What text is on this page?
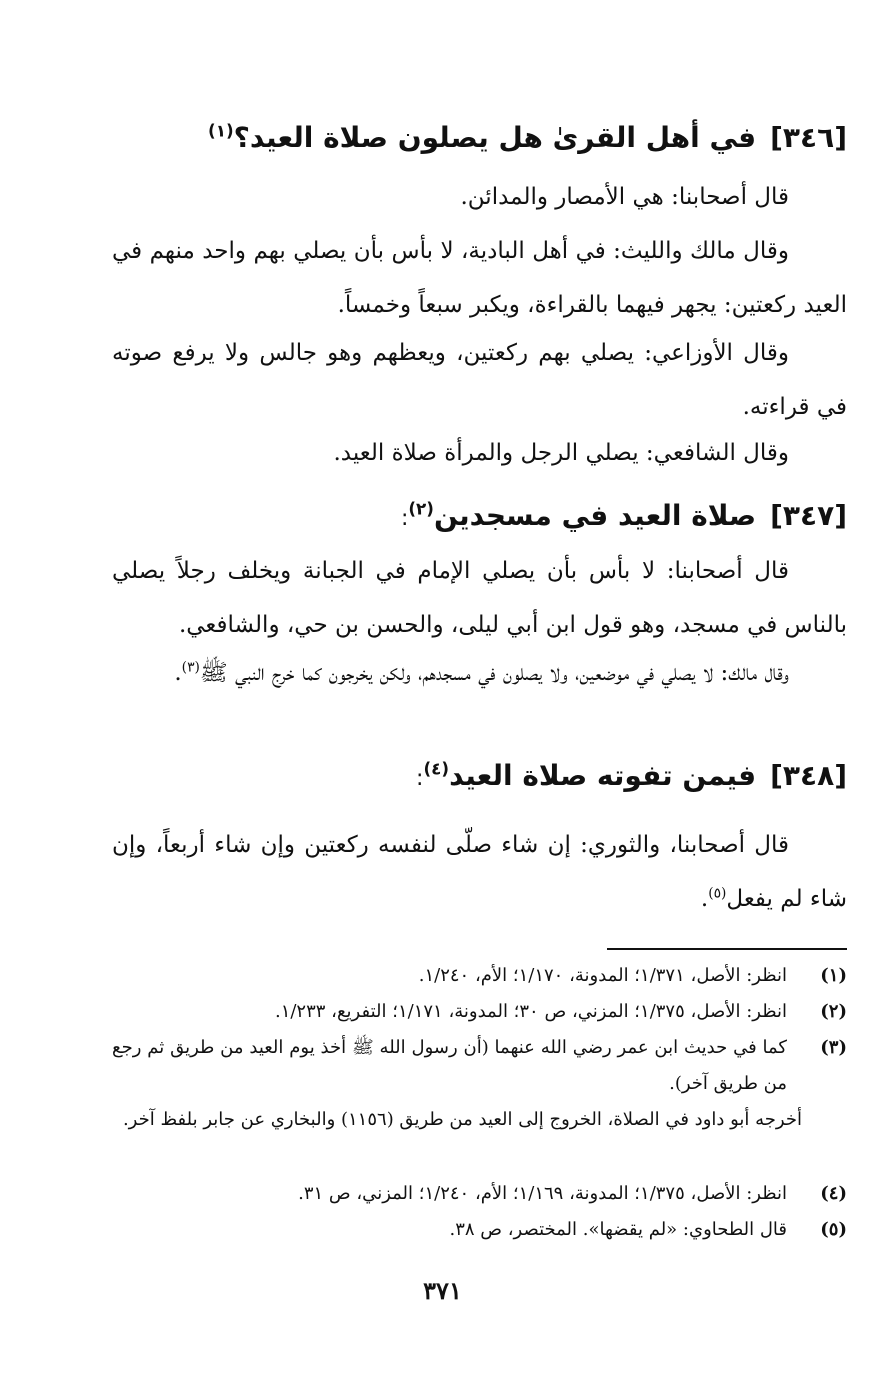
[٣٤٦]في أهل القرىٰ هل يصلون صلاة العيد؟$^{(١)}$

قال أصحابنا: هي الأمصار والمدائن.

وقال مالك والليث: في أهل البادية، لا بأس بأن يصلي بهم واحد منهم في العيد ركعتين: يجهر فيهما بالقراءة، ويكبر سبعاً وخمساً.

وقال الأوزاعي: يصلي بهم ركعتين، ويعظهم وهو جالس ولا يرفع صوته في قراءته.

وقال الشافعي: يصلي الرجل والمرأة صلاة العيد.

[٣٤٧]صلاة العيد في مسجدين$^{(٢)}$:

قال أصحابنا: لا بأس بأن يصلي الإمام في الجبانة ويخلف رجلاً يصلي بالناس في مسجد، وهو قول ابن أبي ليلى، والحسن بن حي، والشافعي.

وقال مالك: لا يصلي في موضعين، ولا يصلون في مسجدهم، ولكن يخرجون كما خرج النبي ﷺ$^{(٣)}$.

[٣٤٨]فيمن تفوته صلاة العيد$^{(٤)}$:

قال أصحابنا، والثوري: إن شاء صلّى لنفسه ركعتين وإن شاء أربعاً، وإن شاء لم يفعل$^{(٥)}$.

(١)
انظر: الأصل، ١/٣٧١؛ المدونة، ١/١٧٠؛ الأم، ١/٢٤٠.

(٢)
انظر: الأصل، ١/٣٧٥؛ المزني، ص ٣٠؛ المدونة، ١/١٧١؛ التفريع، ١/٢٣٣.

(٣)
كما في حديث ابن عمر رضي الله عنهما (أن رسول الله ﷺ أخذ يوم العيد من طريق ثم رجع من طريق آخر).

أخرجه أبو داود في الصلاة، الخروج إلى العيد من طريق (١١٥٦) والبخاري عن جابر بلفظ آخر.

(٤)
انظر: الأصل، ١/٣٧٥؛ المدونة، ١/١٦٩؛ الأم، ١/٢٤٠؛ المزني، ص ٣١.

(٥)
قال الطحاوي: «لم يقضها». المختصر، ص ٣٨.

٣٧١
